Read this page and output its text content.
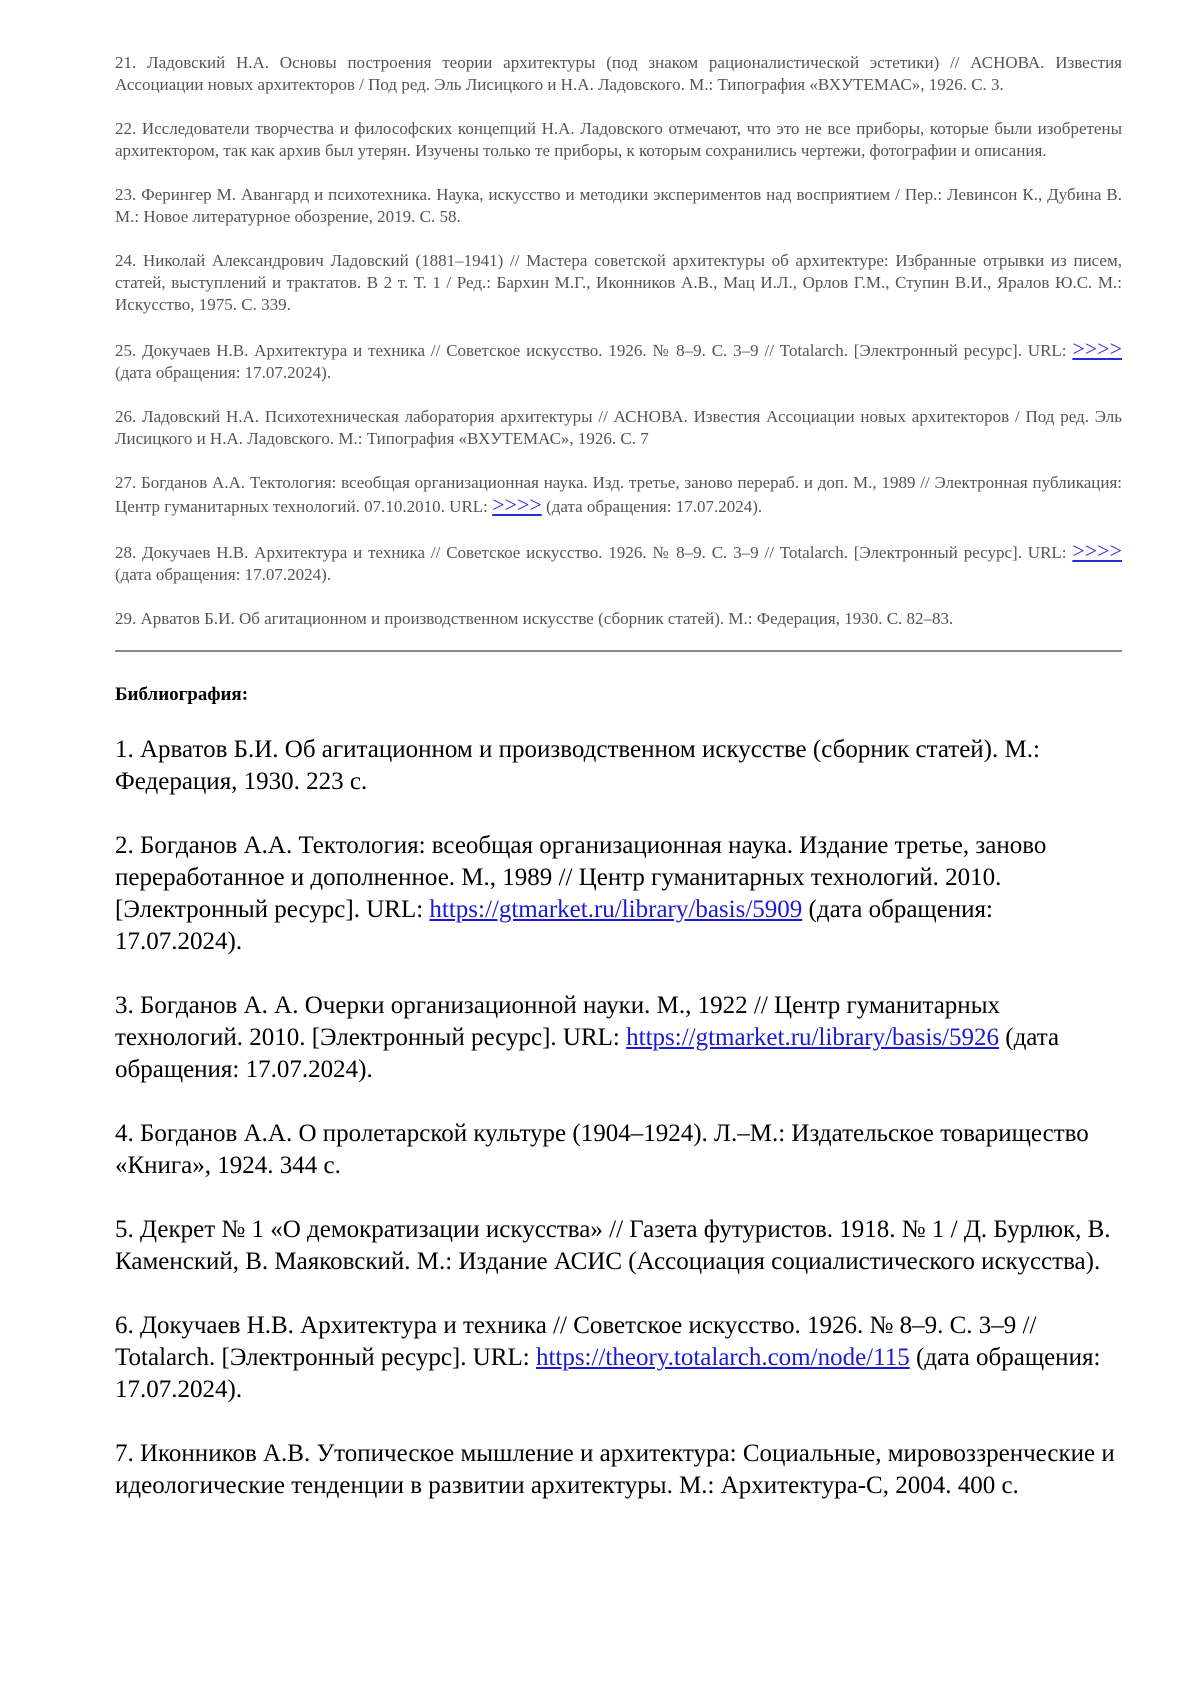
21. Ладовский Н.А. Основы построения теории архитектуры (под знаком рационалистической эстетики) // АСНОВА. Известия Ассоциации новых архитекторов / Под ред. Эль Лисицкого и Н.А. Ладовского. М.: Типография «ВХУТЕМАС», 1926. С. 3.

22. Исследователи творчества и философских концепций Н.А. Ладовского отмечают, что это не все приборы, которые были изобретены архитектором, так как архив был утерян. Изучены только те приборы, к которым сохранились чертежи, фотографии и описания.

23. Ферингер М. Авангард и психотехника. Наука, искусство и методики экспериментов над восприятием / Пер.: Левинсон К., Дубина В. М.: Новое литературное обозрение, 2019. С. 58.

24. Николай Александрович Ладовский (1881–1941) // Мастера советской архитектуры об архитектуре: Избранные отрывки из писем, статей, выступлений и трактатов. В 2 т. Т. 1 / Ред.: Бархин М.Г., Иконников А.В., Мац И.Л., Орлов Г.М., Ступин В.И., Яралов Ю.С. М.: Искусство, 1975. С. 339.

25. Докучаев Н.В. Архитектура и техника // Советское искусство. 1926. № 8–9. С. 3–9 // Totalarch. [Электронный ресурс]. URL: >>>> (дата обращения: 17.07.2024).

26. Ладовский Н.А. Психотехническая лаборатория архитектуры // АСНОВА. Известия Ассоциации новых архитекторов / Под ред. Эль Лисицкого и Н.А. Ладовского. М.: Типография «ВХУТЕМАС», 1926. С. 7

27. Богданов А.А. Тектология: всеобщая организационная наука. Изд. третье, заново перераб. и доп. М., 1989 // Электронная публикация: Центр гуманитарных технологий. 07.10.2010. URL: >>>> (дата обращения: 17.07.2024).

28. Докучаев Н.В. Архитектура и техника // Советское искусство. 1926. № 8–9. С. 3–9 // Totalarch. [Электронный ресурс]. URL: >>>> (дата обращения: 17.07.2024).

29. Арватов Б.И. Об агитационном и производственном искусстве (сборник статей). М.: Федерация, 1930. С. 82–83.

Библиография:

1. Арватов Б.И. Об агитационном и производственном искусстве (сборник статей). М.: Федерация, 1930. 223 с.

2. Богданов А.А. Тектология: всеобщая организационная наука. Издание третье, заново переработанное и дополненное. М., 1989 // Центр гуманитарных технологий. 2010. [Электронный ресурс]. URL: https://gtmarket.ru/library/basis/5909 (дата обращения: 17.07.2024).

3. Богданов А. А. Очерки организационной науки. М., 1922 // Центр гуманитарных технологий. 2010. [Электронный ресурс]. URL: https://gtmarket.ru/library/basis/5926 (дата обращения: 17.07.2024).

4. Богданов А.А. О пролетарской культуре (1904–1924). Л.–М.: Издательское товарищество «Книга», 1924. 344 с.

5. Декрет № 1 «О демократизации искусства» // Газета футуристов. 1918. № 1 / Д. Бурлюк, В. Каменский, В. Маяковский. М.: Издание АСИС (Ассоциация социалистического искусства).

6. Докучаев Н.В. Архитектура и техника // Советское искусство. 1926. № 8–9. С. 3–9 // Totalarch. [Электронный ресурс]. URL: https://theory.totalarch.com/node/115 (дата обращения: 17.07.2024).

7. Иконников А.В. Утопическое мышление и архитектура: Социальные, мировоззренческие и идеологические тенденции в развитии архитектуры. М.: Архитектура-С, 2004. 400 с.
